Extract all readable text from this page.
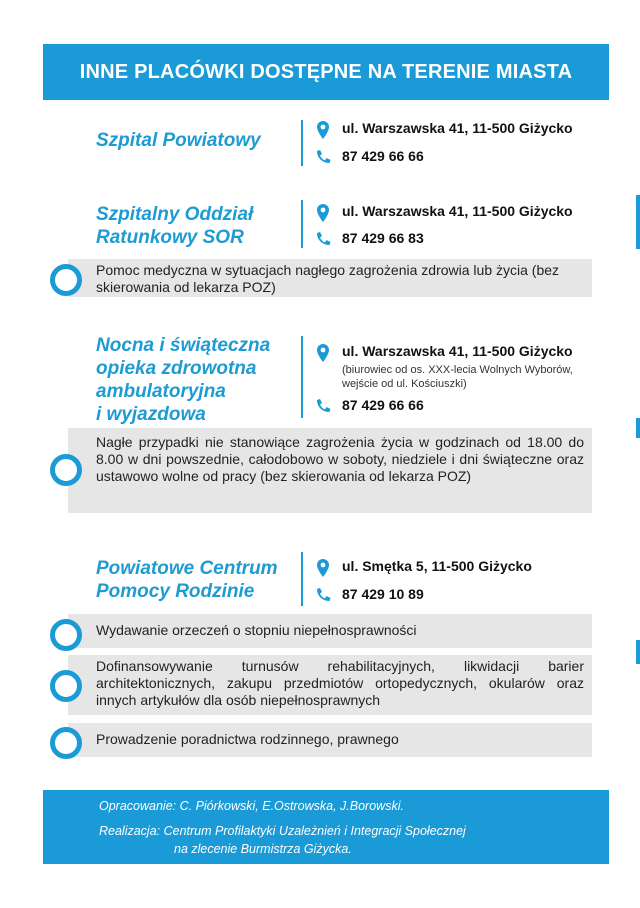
INNE PLACÓWKI DOSTĘPNE NA TERENIE MIASTA
Szpital Powiatowy
ul. Warszawska 41, 11-500 Giżycko
87 429 66 66
Szpitalny Oddział
Ratunkowy SOR
ul. Warszawska 41, 11-500 Giżycko
87 429 66 83
Pomoc medyczna w sytuacjach nagłego zagrożenia zdrowia lub życia (bez skierowania od lekarza POZ)
Nocna i świąteczna
opieka zdrowotna
ambulatoryjna
i wyjazdowa
ul. Warszawska 41, 11-500 Giżycko
(biurowiec od os. XXX-lecia Wolnych Wyborów, wejście od ul. Kościuszki)
87 429 66 66
Nagłe przypadki nie stanowiące zagrożenia życia w godzinach od 18.00 do 8.00 w dni powszednie, całodobowo w soboty, niedziele i dni świąteczne oraz ustawowo wolne od pracy (bez skierowania od lekarza POZ)
Powiatowe Centrum
Pomocy Rodzinie
ul. Smętka 5, 11-500 Giżycko
87 429 10 89
Wydawanie orzeczeń o stopniu niepełnosprawności
Dofinansowywanie turnusów rehabilitacyjnych, likwidacji barier architektonicznych, zakupu przedmiotów ortopedycznych, okularów oraz innych artykułów dla osób niepełnosprawnych
Prowadzenie poradnictwa rodzinnego, prawnego
Opracowanie: C. Piórkowski, E.Ostrowska, J.Borowski.
Realizacja: Centrum Profilaktyki Uzależnień i Integracji Społecznej
na zlecenie Burmistrza Giżycka.
